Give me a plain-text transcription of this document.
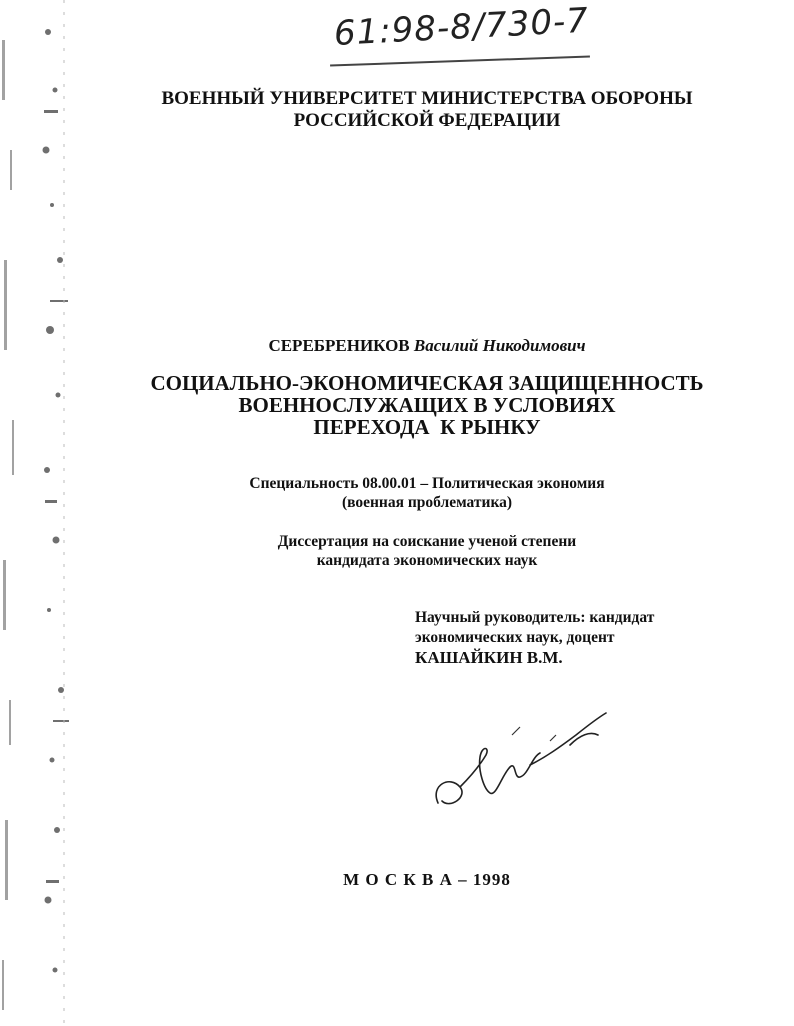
61:98-8/730-7
ВОЕННЫЙ УНИВЕРСИТЕТ МИНИСТЕРСТВА ОБОРОНЫ
РОССИЙСКОЙ ФЕДЕРАЦИИ
СЕРЕБРЕНИКОВ Василий Никодимович
СОЦИАЛЬНО-ЭКОНОМИЧЕСКАЯ ЗАЩИЩЕННОСТЬ
ВОЕННОСЛУЖАЩИХ В УСЛОВИЯХ
ПЕРЕХОДА  К РЫНКУ
Специальность 08.00.01 – Политическая экономия
(военная проблематика)
Диссертация на соискание ученой степени
кандидата экономических наук
Научный руководитель: кандидат
экономических наук, доцент
КАШАЙКИН В.М.
М О С К В А – 1998
